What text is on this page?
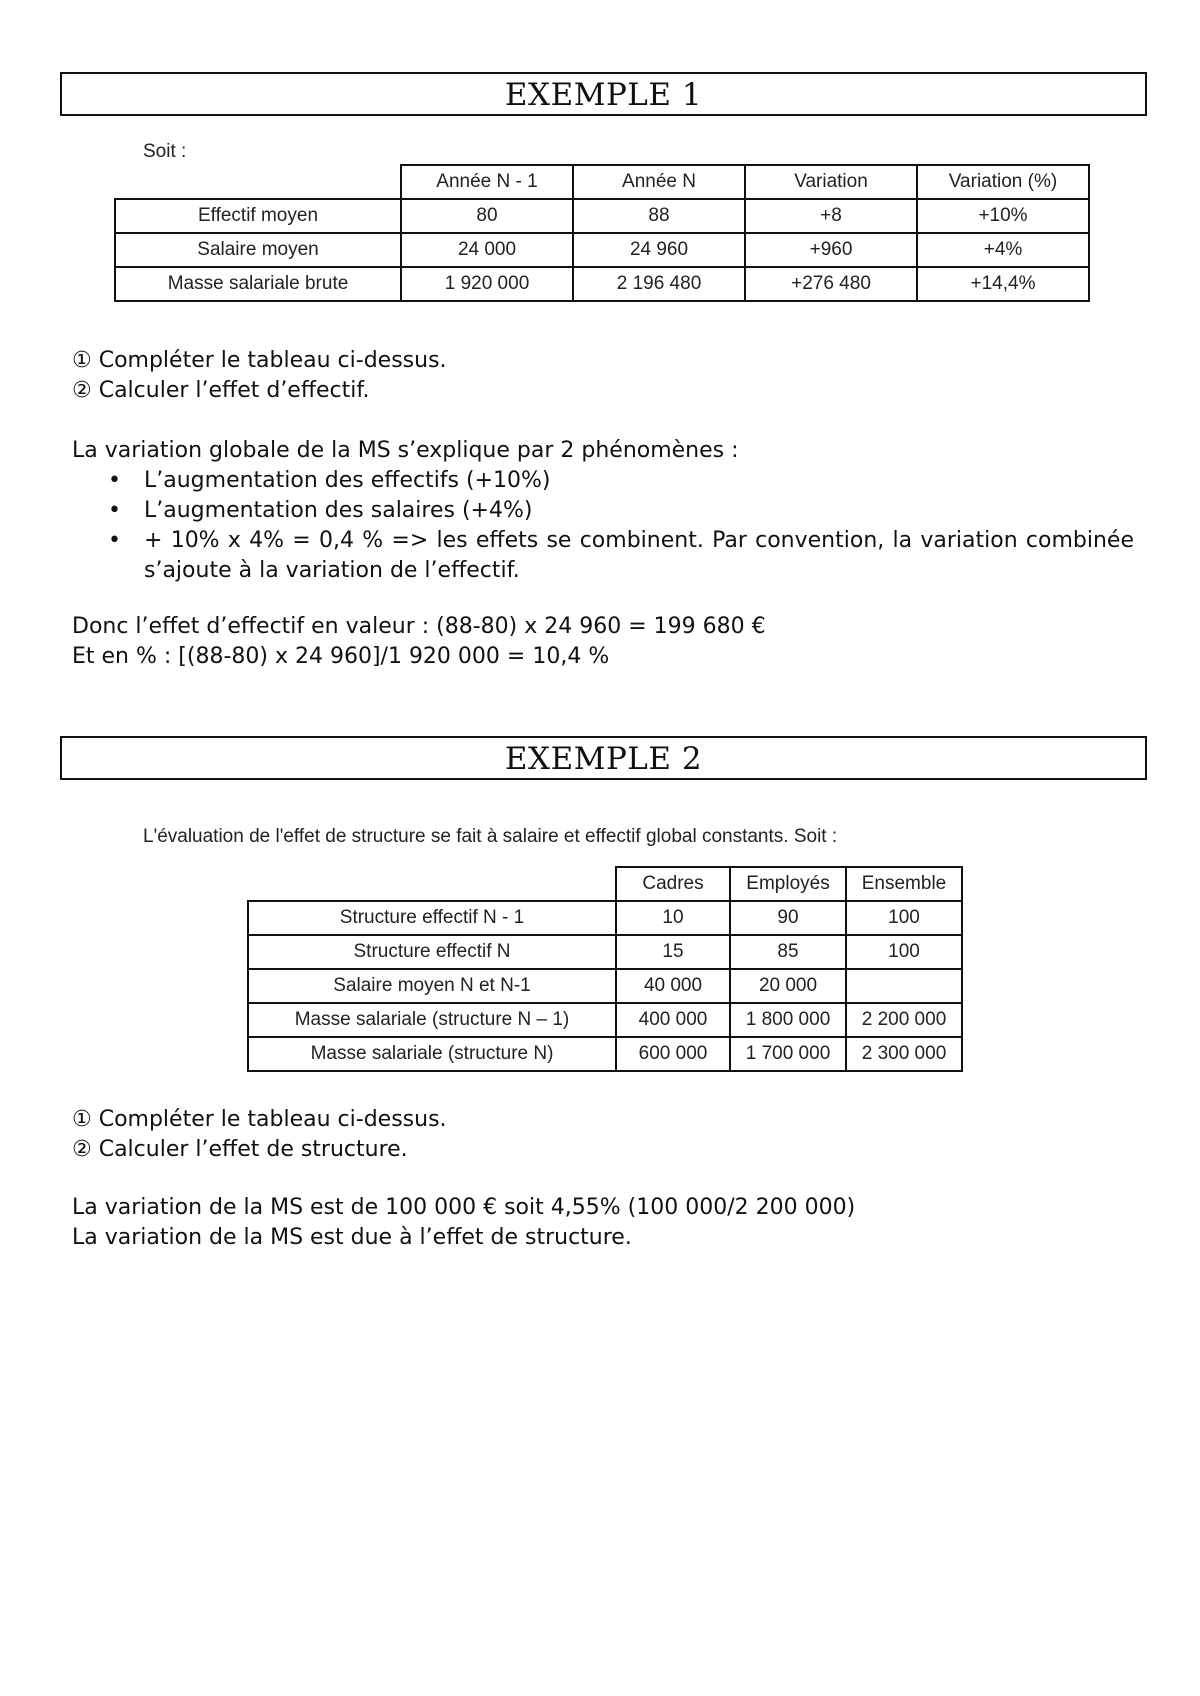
EXEMPLE 1
Soit :
	Année N - 1	Année N	Variation	Variation (%)
Effectif moyen	80	88	+8	+10%
Salaire moyen	24 000	24 960	+960	+4%
Masse salariale brute	1 920 000	2 196 480	+276 480	+14,4%
① Compléter le tableau ci-dessus.
② Calculer l’effet d’effectif.
La variation globale de la MS s’explique par 2 phénomènes :
• L’augmentation des effectifs (+10%)
• L’augmentation des salaires (+4%)
• + 10% x 4% = 0,4 % => les effets se combinent. Par convention, la variation combinée s’ajoute à la variation de l’effectif.
Donc l’effet d’effectif en valeur : (88-80) x 24 960 = 199 680 €
Et en % : [(88-80) x 24 960]/1 920 000 = 10,4 %
EXEMPLE 2
L'évaluation de l'effet de structure se fait à salaire et effectif global constants. Soit :
	Cadres	Employés	Ensemble
Structure effectif N - 1	10	90	100
Structure effectif N	15	85	100
Salaire moyen N et N-1	40 000	20 000	
Masse salariale (structure N – 1)	400 000	1 800 000	2 200 000
Masse salariale (structure N)	600 000	1 700 000	2 300 000
① Compléter le tableau ci-dessus.
② Calculer l’effet de structure.
La variation de la MS est de 100 000 € soit 4,55% (100 000/2 200 000)
La variation de la MS est due à l’effet de structure.
